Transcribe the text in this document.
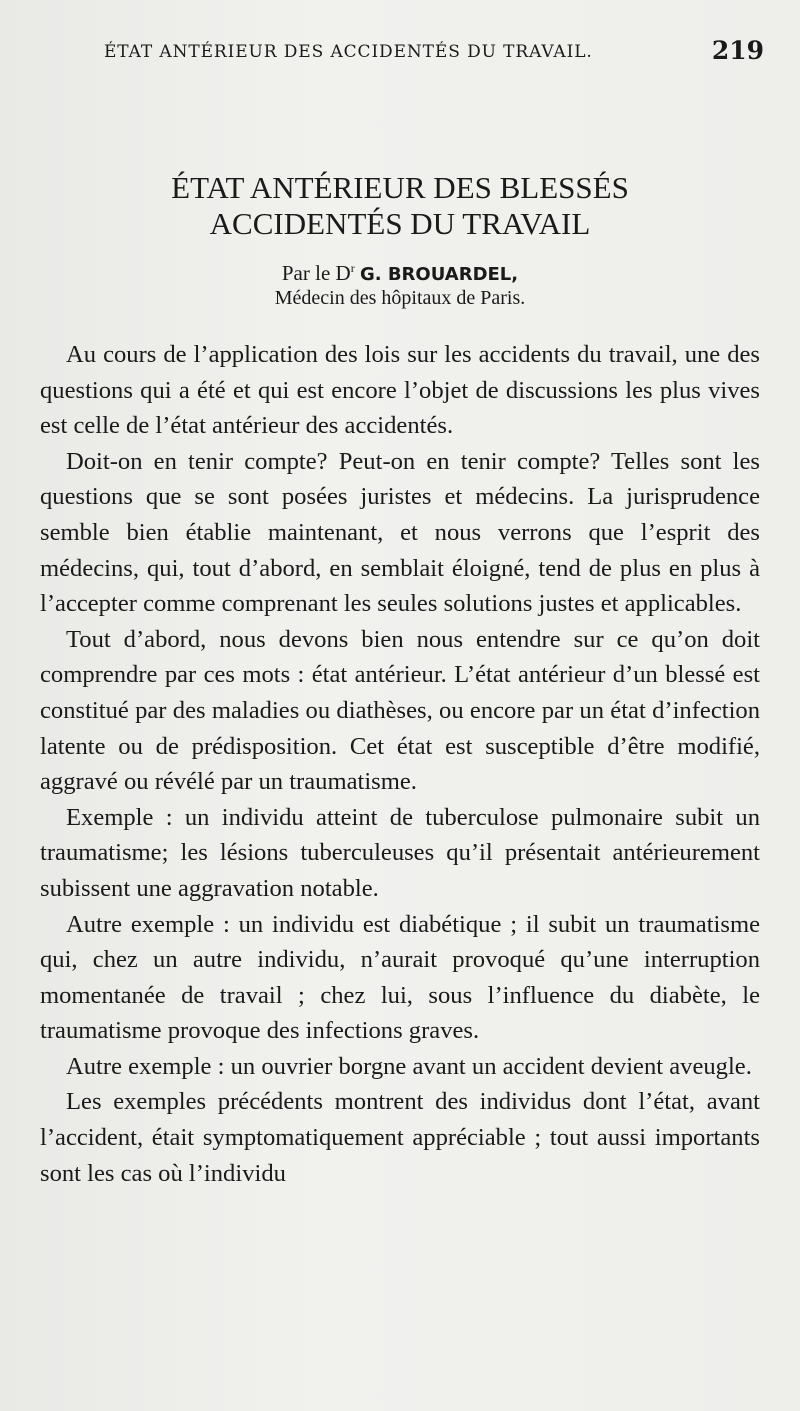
ÉTAT ANTÉRIEUR DES ACCIDENTÉS DU TRAVAIL.	219
ÉTAT ANTÉRIEUR DES BLESSÉS
ACCIDENTÉS DU TRAVAIL
Par le $D^r$ G. BROUARDEL,
Médecin des hôpitaux de Paris.

Au cours de l’application des lois sur les accidents du travail, une des questions qui a été et qui est encore l’objet de discussions les plus vives est celle de l’état antérieur des accidentés.

Doit-on en tenir compte? Peut-on en tenir compte? Telles sont les questions que se sont posées juristes et médecins. La jurisprudence semble bien établie maintenant, et nous verrons que l’esprit des médecins, qui, tout d’abord, en semblait éloigné, tend de plus en plus à l’accepter comme comprenant les seules solutions justes et applicables.

Tout d’abord, nous devons bien nous entendre sur ce qu’on doit comprendre par ces mots : état antérieur. L’état antérieur d’un blessé est constitué par des maladies ou diathèses, ou encore par un état d’infection latente ou de prédisposition. Cet état est susceptible d’être modifié, aggravé ou révélé par un traumatisme.

Exemple : un individu atteint de tuberculose pulmonaire subit un traumatisme; les lésions tuberculeuses qu’il présentait antérieurement subissent une aggravation notable.

Autre exemple : un individu est diabétique ; il subit un traumatisme qui, chez un autre individu, n’aurait provoqué qu’une interruption momentanée de travail ; chez lui, sous l’influence du diabète, le traumatisme provoque des infections graves.

Autre exemple : un ouvrier borgne avant un accident devient aveugle.

Les exemples précédents montrent des individus dont l’état, avant l’accident, était symptomatiquement appréciable ; tout aussi importants sont les cas où l’individu
